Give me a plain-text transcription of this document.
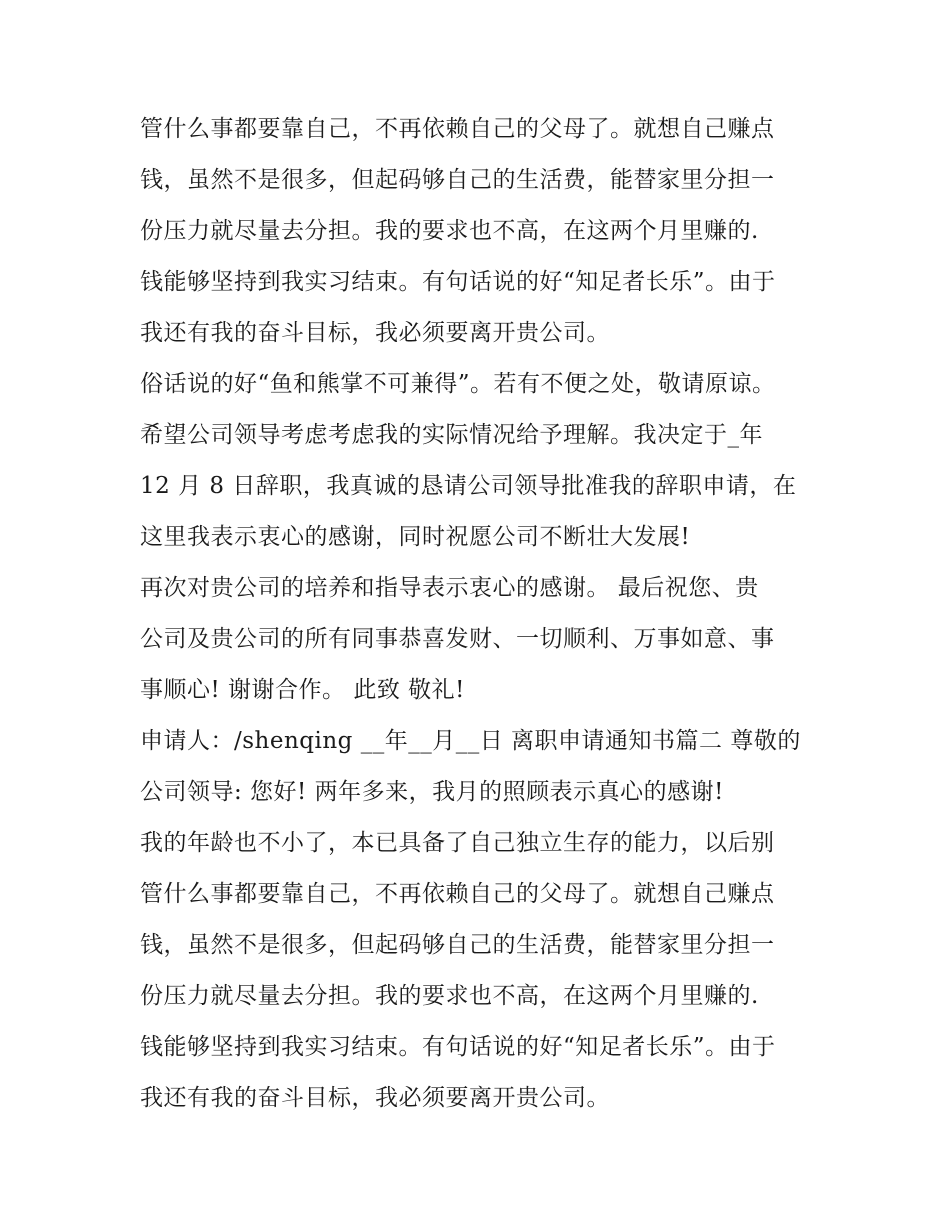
管什么事都要靠自己，不再依赖自己的父母了。就想自己赚点
钱，虽然不是很多，但起码够自己的生活费，能替家里分担一
份压力就尽量去分担。我的要求也不高，在这两个月里赚的.
钱能够坚持到我实习结束。有句话说的好“知足者长乐”。由于
我还有我的奋斗目标，我必须要离开贵公司。
俗话说的好“鱼和熊掌不可兼得”。若有不便之处，敬请原谅。
希望公司领导考虑考虑我的实际情况给予理解。我决定于_年
12 月 8 日辞职，我真诚的恳请公司领导批准我的辞职申请，在
这里我表示衷心的感谢，同时祝愿公司不断壮大发展!
再次对贵公司的培养和指导表示衷心的感谢。 最后祝您、贵
公司及贵公司的所有同事恭喜发财、一切顺利、万事如意、事
事顺心! 谢谢合作。 此致 敬礼!
申请人：/shenqing __年__月__日 离职申请通知书篇二 尊敬的
公司领导: 您好! 两年多来，我月的照顾表示真心的感谢!
我的年龄也不小了，本已具备了自己独立生存的能力，以后别
管什么事都要靠自己，不再依赖自己的父母了。就想自己赚点
钱，虽然不是很多，但起码够自己的生活费，能替家里分担一
份压力就尽量去分担。我的要求也不高，在这两个月里赚的.
钱能够坚持到我实习结束。有句话说的好“知足者长乐”。由于
我还有我的奋斗目标，我必须要离开贵公司。
